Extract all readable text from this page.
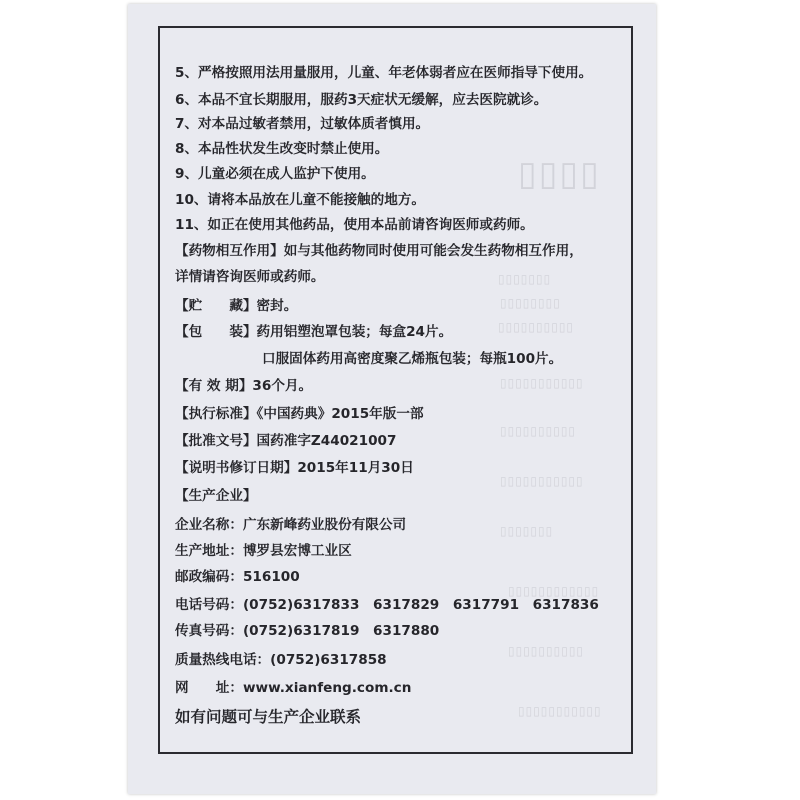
▯▯▯▯
▯▯▯▯▯▯▯
▯▯▯▯▯▯▯▯
▯▯▯▯▯▯▯▯▯▯
▯▯▯▯▯▯▯▯▯▯▯
▯▯▯▯▯▯▯▯▯▯
▯▯▯▯▯▯▯▯▯▯▯
▯▯▯▯▯▯▯
▯▯▯▯▯▯▯▯▯▯▯▯
▯▯▯▯▯▯▯▯▯▯
▯▯▯▯▯▯▯▯▯▯▯
5、严格按照用法用量服用，儿童、年老体弱者应在医师指导下使用。
6、本品不宜长期服用，服药3天症状无缓解，应去医院就诊。
7、对本品过敏者禁用，过敏体质者慎用。
8、本品性状发生改变时禁止使用。
9、儿童必须在成人监护下使用。
10、请将本品放在儿童不能接触的地方。
11、如正在使用其他药品，使用本品前请咨询医师或药师。
【药物相互作用】如与其他药物同时使用可能会发生药物相互作用，
详情请咨询医师或药师。
【贮　　藏】密封。
【包　　装】药用铝塑泡罩包装；每盒24片。
口服固体药用高密度聚乙烯瓶包装；每瓶100片。
【有 效 期】36个月。
【执行标准】《中国药典》2015年版一部
【批准文号】国药准字Z44021007
【说明书修订日期】2015年11月30日
【生产企业】
企业名称：广东新峰药业股份有限公司
生产地址：博罗县宏博工业区
邮政编码：516100
电话号码：(0752)6317833　6317829　6317791　6317836
传真号码：(0752)6317819　6317880
质量热线电话：(0752)6317858
网　　址：www.xianfeng.com.cn
如有问题可与生产企业联系
